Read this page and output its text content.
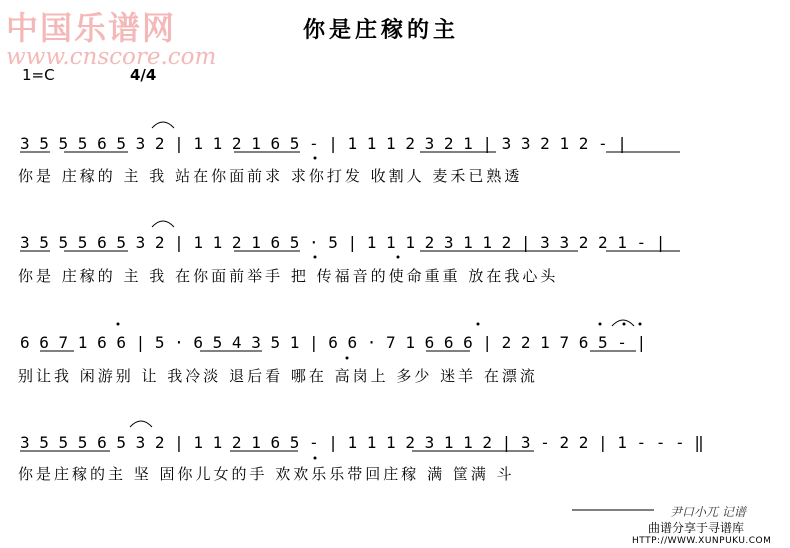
中国乐谱网
www.cnscore.com
你是庄稼的主
1=C	4/4
3 5 5 5 6 5 3 2 | 1 1 2 1 6 5 - | 1 1 1 2 3 2 1 | 3 3 2 1 2 - |
你是 庄稼的 主 我 站在你面前求 求你打发 收割人 麦禾已熟透
3 5 5 5 6 5 3 2 | 1 1 2 1 6 5 · 5 | 1 1 1 2 3 1 1 2 | 3 3 2 2 1 - |
你是 庄稼的 主 我 在你面前举手 把 传福音的使命重重 放在我心头
6 6 7 1 6 6 | 5 · 6 5 4 3 5 1 | 6 6 · 7 1 6 6 6 | 2 2 1 7 6 5 - |
别让我 闲游别 让 我冷淡 退后看 哪在 高岗上 多少 迷羊 在漂流
3 5 5 5 6 5 3 2 | 1 1 2 1 6 5 - | 1 1 1 2 3 1 1 2 | 3 - 2 2 | 1 - - - ‖
你是庄稼的主 坚 固你儿女的手 欢欢乐乐带回庄稼 满 筐满 斗
尹口小兀 记谱
曲谱分享于寻谱库
HTTP://WWW.XUNPUKU.COM
